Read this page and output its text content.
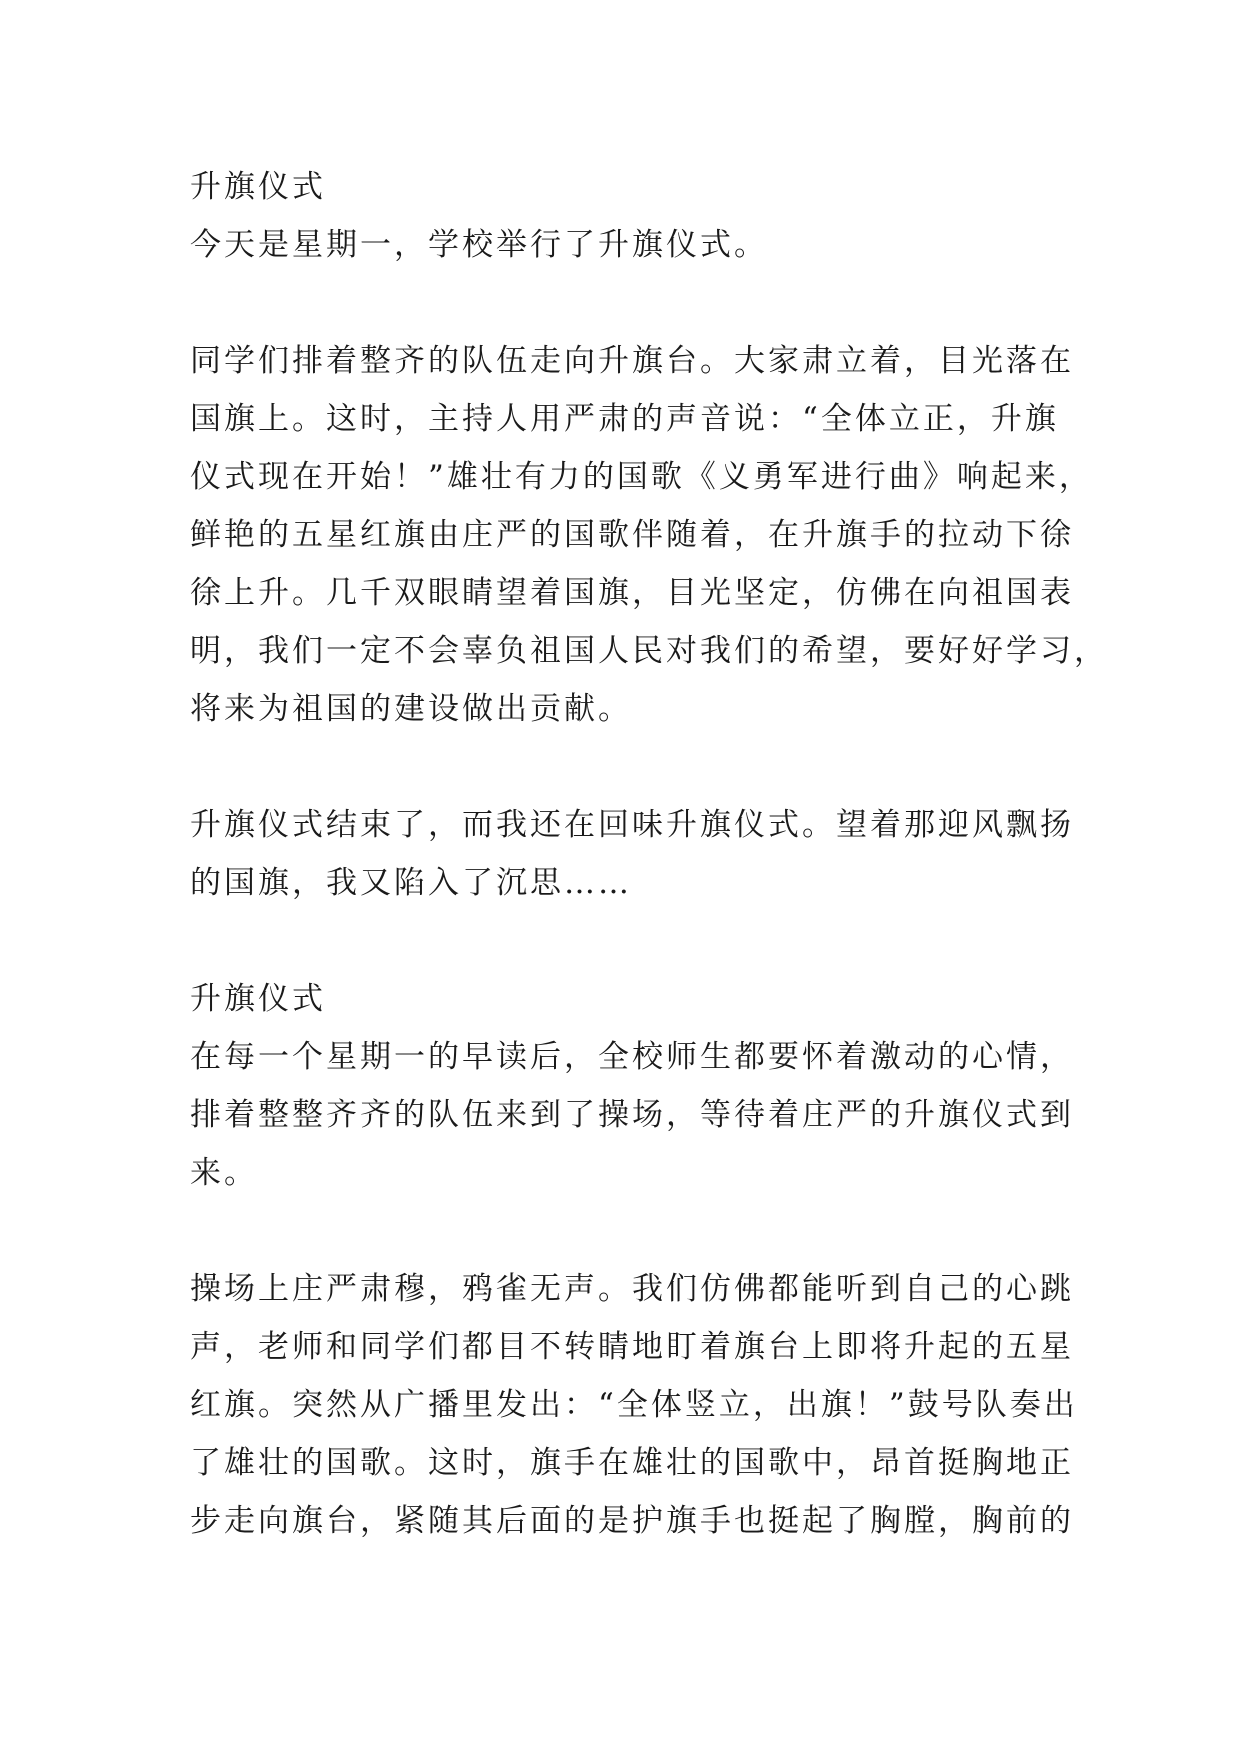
升旗仪式
今天是星期一，学校举行了升旗仪式。
同学们排着整齐的队伍走向升旗台。大家肃立着，目光落在
国旗上。这时，主持人用严肃的声音说：“全体立正，升旗
仪式现在开始！”雄壮有力的国歌《义勇军进行曲》响起来，
鲜艳的五星红旗由庄严的国歌伴随着，在升旗手的拉动下徐
徐上升。几千双眼睛望着国旗，目光坚定，仿佛在向祖国表
明，我们一定不会辜负祖国人民对我们的希望，要好好学习，
将来为祖国的建设做出贡献。
升旗仪式结束了，而我还在回味升旗仪式。望着那迎风飘扬
的国旗，我又陷入了沉思……
升旗仪式
在每一个星期一的早读后，全校师生都要怀着激动的心情，
排着整整齐齐的队伍来到了操场，等待着庄严的升旗仪式到
来。
操场上庄严肃穆，鸦雀无声。我们仿佛都能听到自己的心跳
声，老师和同学们都目不转睛地盯着旗台上即将升起的五星
红旗。突然从广播里发出：“全体竖立，出旗！”鼓号队奏出
了雄壮的国歌。这时，旗手在雄壮的国歌中，昂首挺胸地正
步走向旗台，紧随其后面的是护旗手也挺起了胸膛，胸前的
